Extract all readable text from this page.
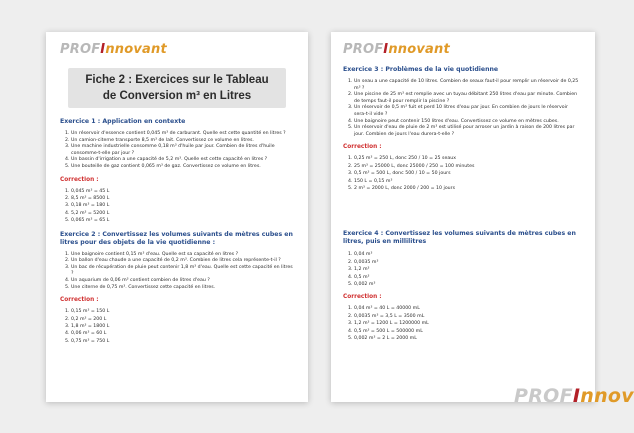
PROFInnovant
Fiche 2 : Exercices sur le Tableau
de Conversion m³ en Litres
Exercice 1 : Application en contexte
Un réservoir d'essence contient 0,045 m³ de carburant. Quelle est cette quantité en litres ?
Un camion-citerne transporte 8,5 m³ de lait. Convertissez ce volume en litres.
Une machine industrielle consomme 0,18 m³ d'huile par jour. Combien de litres d'huile consomme-t-elle par jour ?
Un bassin d'irrigation a une capacité de 5,2 m³. Quelle est cette capacité en litres ?
Une bouteille de gaz contient 0,065 m³ de gaz. Convertissez ce volume en litres.
Correction :
0,045 m³ = 45 L
8,5 m³ = 8500 L
0,18 m³ = 180 L
5,2 m³ = 5200 L
0,065 m³ = 65 L
Exercice 2 : Convertissez les volumes suivants de mètres cubes en litres pour des objets de la vie quotidienne :
Une baignoire contient 0,15 m³ d'eau. Quelle est sa capacité en litres ?
Un ballon d'eau chaude a une capacité de 0,2 m³. Combien de litres cela représente-t-il ?
Un bac de récupération de pluie peut contenir 1,8 m³ d'eau. Quelle est cette capacité en litres ?
Un aquarium de 0,06 m³ contient combien de litres d'eau ?
Une citerne de 0,75 m³. Convertissez cette capacité en litres.
Correction :
0,15 m³ = 150 L
0,2 m³ = 200 L
1,8 m³ = 1800 L
0,06 m³ = 60 L
0,75 m³ = 750 L
PROFInnovant
Exercice 3 : Problèmes de la vie quotidienne
Un seau a une capacité de 10 litres. Combien de seaux faut-il pour remplir un réservoir de 0,25 m³ ?
Une piscine de 25 m³ est remplie avec un tuyau débitant 250 litres d'eau par minute. Combien de temps faut-il pour remplir la piscine ?
Un réservoir de 0,5 m³ fuit et perd 10 litres d'eau par jour. En combien de jours le réservoir sera-t-il vide ?
Une baignoire peut contenir 150 litres d'eau. Convertissez ce volume en mètres cubes.
Un réservoir d'eau de pluie de 2 m³ est utilisé pour arroser un jardin à raison de 200 litres par jour. Combien de jours l'eau durera-t-elle ?
Correction :
0,25 m³ = 250 L, donc 250 / 10 = 25 seaux
25 m³ = 25000 L, donc 25000 / 250 = 100 minutes
0,5 m³ = 500 L, donc 500 / 10 = 50 jours
150 L = 0,15 m³
2 m³ = 2000 L, donc 2000 / 200 = 10 jours
Exercice 4 : Convertissez les volumes suivants de mètres cubes en litres, puis en millilitres
0,04 m³
0,0035 m³
1,2 m³
0,5 m³
0,002 m³
Correction :
0,04 m³ = 40 L = 40000 mL
0,0035 m³ = 3,5 L = 3500 mL
1,2 m³ = 1200 L = 1200000 mL
0,5 m³ = 500 L = 500000 mL
0,002 m³ = 2 L = 2000 mL
PROFInnov
